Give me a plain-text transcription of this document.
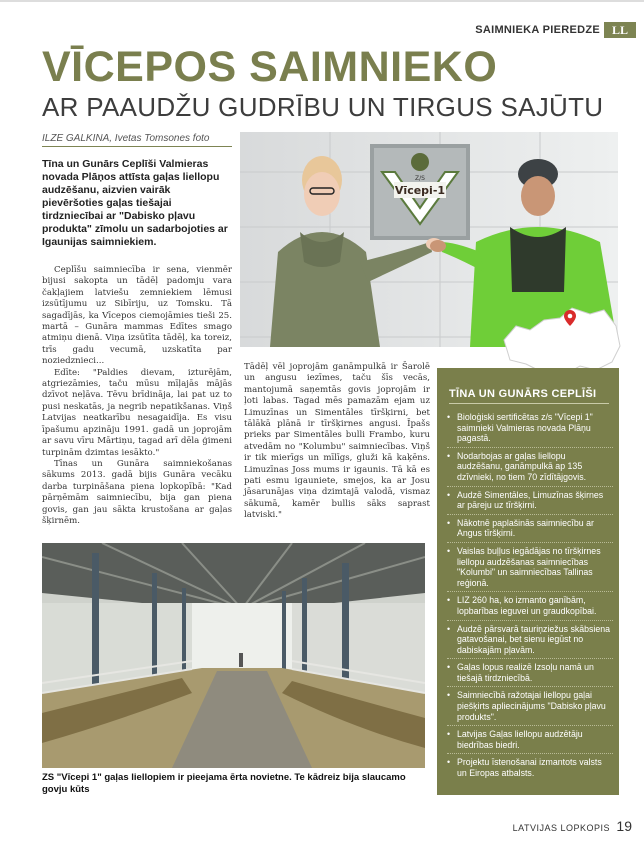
SAIMNIEKA PIEREDZE LL
VĪCEPOS SAIMNIEKO
AR PAAUDŽU GUDRĪBU UN TIRGUS SAJŪTU
ILZE GALKINA, Ivetas Tomsones foto
Tīna un Gunārs Ceplīši Valmieras novada Plāņos attīsta gaļas liellopu audzēšanu, aizvien vairāk pievēršoties gaļas tiešajai tirdzniecībai ar "Dabisko pļavu produkta" zīmolu un sadarbojoties ar Igaunijas saimniekiem.
Z/S
Vīcepi-1

Ceplīšu saimniecība ir sena, vienmēr bijusi sakopta un tādēļ padomju vara čakļajiem latviešu zemniekiem lēmusi izsūtījumu uz Sibīriju, uz Tomsku. Tā sagadījās, ka Vīcepos ciemojāmies tieši 25. martā – Gunāra mammas Edītes smago atmiņu dienā. Viņa izsūtīta tādēļ, ka toreiz, trīs gadu vecumā, uzskatīta par noziedznieci...

Edīte: "Paldies dievam, izturējām, atgriezāmies, taču mūsu mīļajās mājās dzīvot neļāva. Tēvu brīdināja, lai pat uz to pusi neskatās, ja negrib nepatikšanas. Viņš Latvijas neatkarību nesagaidīja. Es visu īpašumu apzināju 1991. gadā un joprojām ar savu vīru Mārtiņu, tagad arī dēla ģimeni turpinām dzimtas iesākto."

Tīnas un Gunāra saimniekošanas sākums 2013. gadā bijis Gunāra vecāku darba turpināšana piena lopkopībā: "Kad pārņēmām saimniecību, bija gan piena govis, gan jau sākta krustošana ar gaļas šķirnēm.

Tādēļ vēl joprojām ganāmpulkā ir Šarolē un angusu iezīmes, taču šīs vecās, mantojumā saņemtās govis joprojām ir ļoti labas. Tagad mēs pamazām ejam uz Limuzīnas un Simentāles tīršķirni, bet tālākā plānā ir tīršķirnes angusi. Īpašs prieks par Simentāles bulli Frambo, kuru atvedām no "Kolumbu" saimniecības. Viņš ir tik mierīgs un mīlīgs, gluži kā kaķēns. Limuzīnas Joss mums ir igaunis. Tā kā es pati esmu igauniete, smejos, ka ar Josu jāsarunājas viņa dzimtajā valodā, vismaz sākumā, kamēr bullis sāks saprast latviski."

TĪNA UN GUNĀRS CEPLĪŠI
• Bioloģiski sertificētas z/s "Vīcepi 1" saimnieki Valmieras novada Plāņu pagastā.
• Nodarbojas ar gaļas liellopu audzēšanu, ganāmpulkā ap 135 dzīvnieki, no tiem 70 zīdītājgovis.
• Audzē Simentāles, Limuzīnas šķirnes ar pāreju uz tīršķirni.
• Nākotnē paplašinās saimniecību ar Angus tīršķirni.
• Vaislas buļļus iegādājas no tīršķirnes liellopu audzēšanas saimniecības "Kolumbi" un saimniecības Tallinas reģionā.
• LIZ 260 ha, ko izmanto ganībām, lopbarības ieguvei un graudkopībai.
• Audzē pārsvarā tauriņziežus skābsiena gatavošanai, bet sienu iegūst no dabiskajām pļavām.
• Gaļas lopus realizē Izsoļu namā un tiešajā tirdzniecībā.
• Saimniecībā ražotajai liellopu gaļai piešķirts apliecinājums "Dabisko pļavu produkts".
• Latvijas Gaļas liellopu audzētāju biedrības biedri.
• Projektu īstenošanai izmantots valsts un Eiropas atbalsts.
ZS "Vīcepi 1" gaļas liellopiem ir pieejama ērta novietne. Te kādreiz bija slaucamo govju kūts
LATVIJAS LOPKOPIS 19
